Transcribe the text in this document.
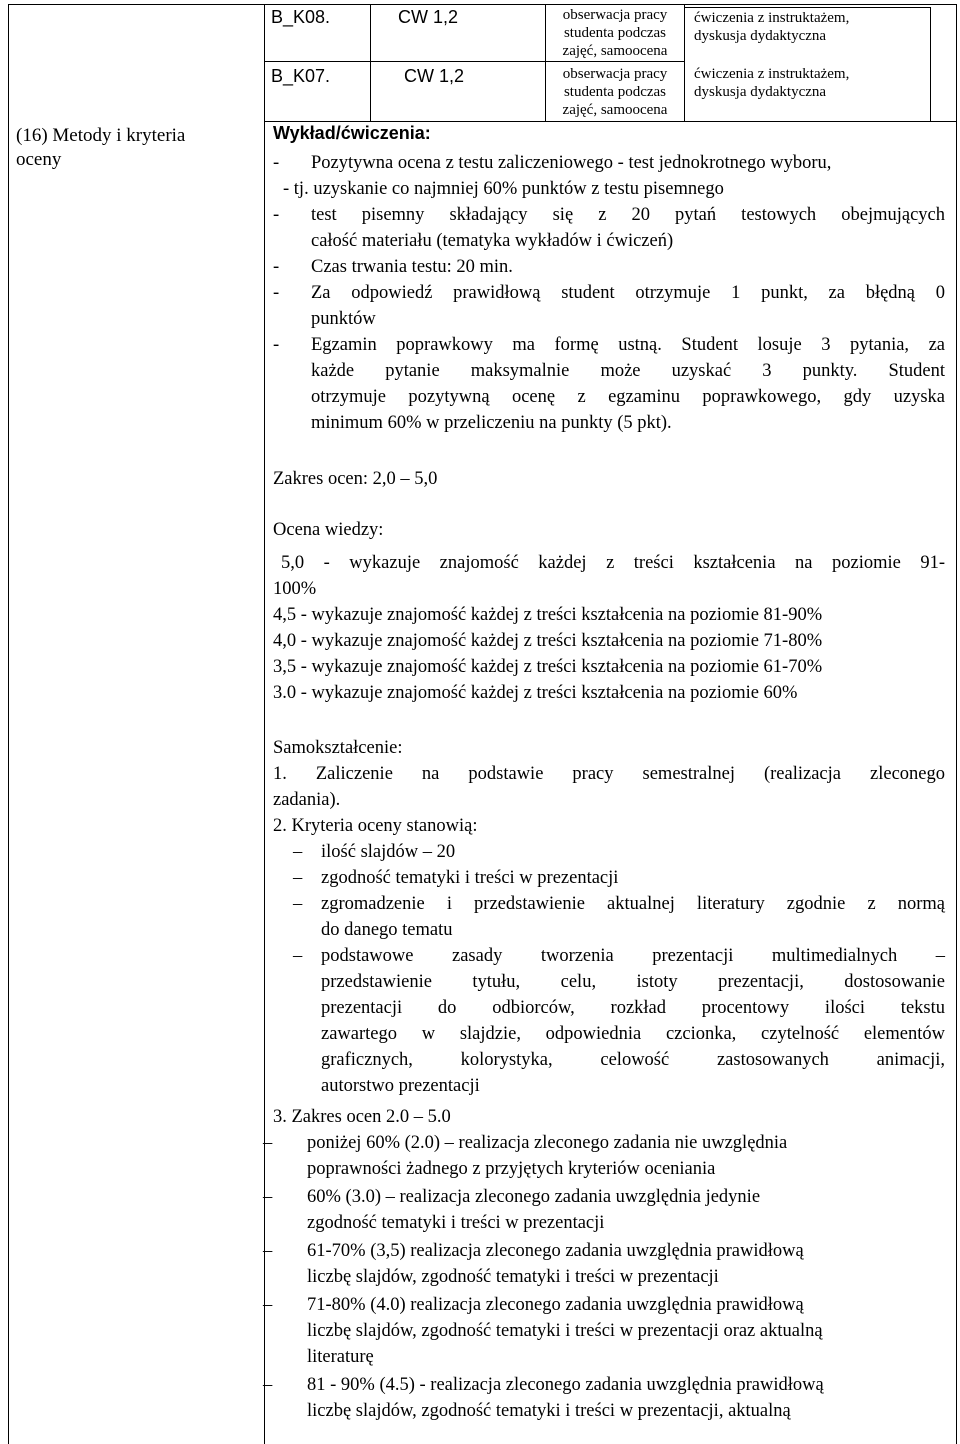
B_K08.	CW 1,2	obserwacja pracy
studenta podczas
zajęć, samoocena
ćwiczenia z instruktażem,
dyskusja dydaktyczna
B_K07.	CW 1,2	obserwacja pracy
studenta podczas
zajęć, samoocena
ćwiczenia z instruktażem,
dyskusja dydaktyczna
(16) Metody i kryteria
oceny
Wykład/ćwiczenia:
- Pozytywna ocena z testu zaliczeniowego - test jednokrotnego wyboru,
- tj. uzyskanie co najmniej 60% punktów z testu pisemnego
- test pisemny składający się z 20 pytań testowych obejmujących
całość materiału (tematyka wykładów i ćwiczeń)
- Czas trwania testu: 20 min.
- Za odpowiedź prawidłową student otrzymuje 1 punkt, za błędną 0
punktów
- Egzamin poprawkowy ma formę ustną. Student losuje 3 pytania, za
każde pytanie maksymalnie może uzyskać 3 punkty. Student
otrzymuje pozytywną ocenę z egzaminu poprawkowego, gdy uzyska
minimum 60% w przeliczeniu na punkty (5 pkt).
Zakres ocen: 2,0 – 5,0
Ocena wiedzy:
5,0 - wykazuje znajomość każdej z treści kształcenia na poziomie 91-
100%
4,5 - wykazuje znajomość każdej z treści kształcenia na poziomie 81-90%
4,0 - wykazuje znajomość każdej z treści kształcenia na poziomie 71-80%
3,5 - wykazuje znajomość każdej z treści kształcenia na poziomie 61-70%
3.0 - wykazuje znajomość każdej z treści kształcenia na poziomie 60%
Samokształcenie:
1. Zaliczenie na podstawie pracy semestralnej (realizacja zleconego
zadania).
2. Kryteria oceny stanowią:
– ilość slajdów – 20
– zgodność tematyki i treści w prezentacji
– zgromadzenie i przedstawienie aktualnej literatury zgodnie z normą
do danego tematu
– podstawowe zasady tworzenia prezentacji multimedialnych –
przedstawienie tytułu, celu, istoty prezentacji, dostosowanie
prezentacji do odbiorców, rozkład procentowy ilości tekstu
zawartego w slajdzie, odpowiednia czcionka, czytelność elementów
graficznych, kolorystyka, celowość zastosowanych animacji,
autorstwo prezentacji
3. Zakres ocen 2.0 – 5.0
– poniżej 60% (2.0) – realizacja zleconego zadania nie uwzględnia
poprawności żadnego z przyjętych kryteriów oceniania
– 60% (3.0) – realizacja zleconego zadania uwzględnia jedynie
zgodność tematyki i treści w prezentacji
– 61-70% (3,5) realizacja zleconego zadania uwzględnia prawidłową
liczbę slajdów, zgodność tematyki i treści w prezentacji
– 71-80% (4.0) realizacja zleconego zadania uwzględnia prawidłową
liczbę slajdów, zgodność tematyki i treści w prezentacji oraz aktualną
literaturę
– 81 - 90% (4.5) - realizacja zleconego zadania uwzględnia prawidłową
liczbę slajdów, zgodność tematyki i treści w prezentacji, aktualną
